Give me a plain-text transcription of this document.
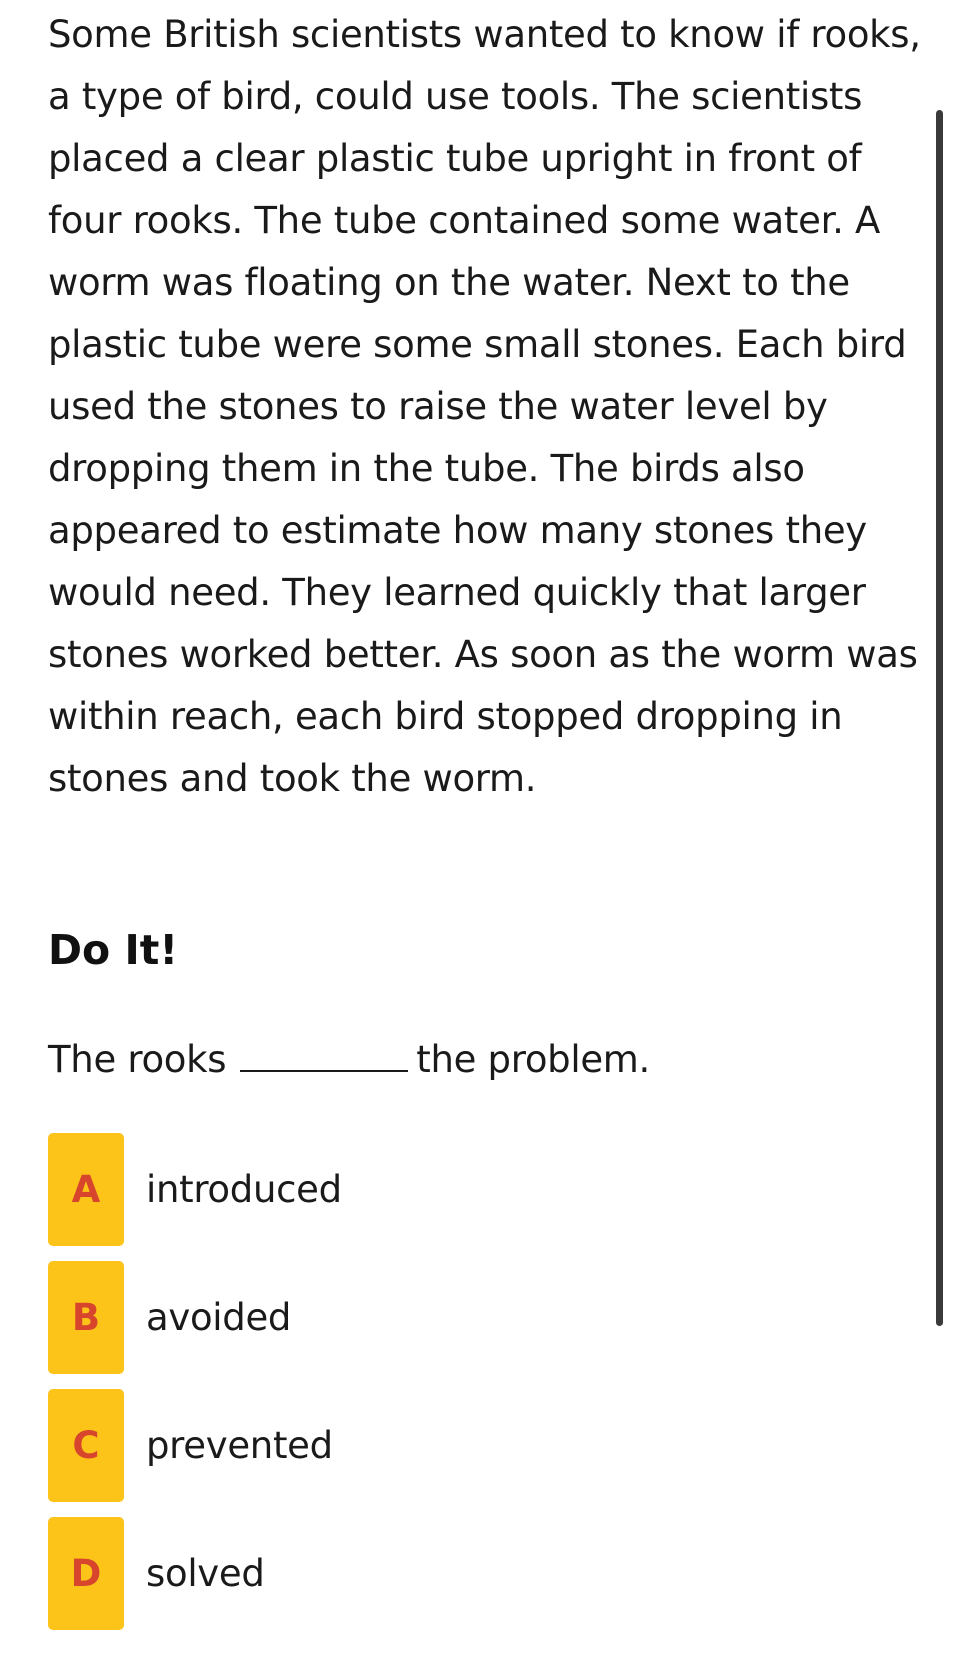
Some British scientists wanted to know if rooks, a type of bird, could use tools. The scientists placed a clear plastic tube upright in front of four rooks. The tube contained some water. A worm was floating on the water. Next to the plastic tube were some small stones. Each bird used the stones to raise the water level by dropping them in the tube. The birds also appeared to estimate how many stones they would need. They learned quickly that larger stones worked better. As soon as the worm was within reach, each bird stopped dropping in stones and took the worm.

Do It!

The rooks	the problem.

A	introduced
B	avoided
C	prevented
D	solved
